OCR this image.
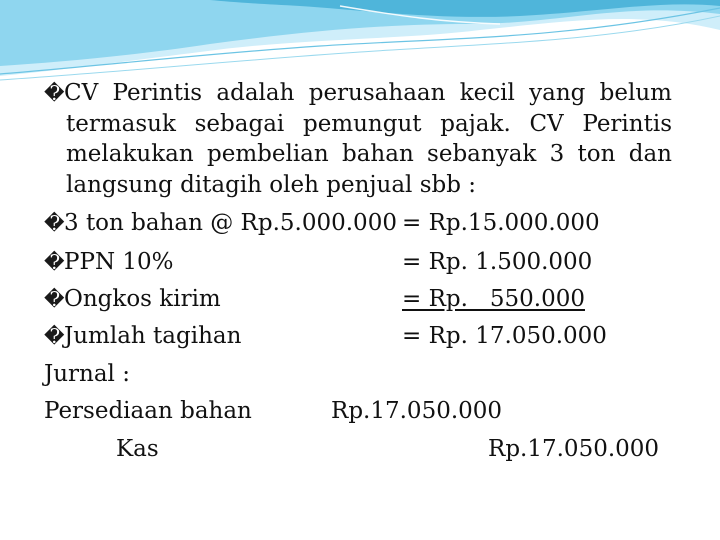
�CV Perintis adalah perusahaan kecil yang belum
termasuk sebagai pemungut pajak. CV Perintis
melakukan pembelian bahan sebanyak 3 ton dan
langsung ditagih oleh penjual sbb :
�3 ton bahan @ Rp.5.000.000 = Rp.15.000.000
�PPN 10%	= Rp. 1.500.000
�Ongkos kirim	= Rp.   550.000
�Jumlah tagihan	= Rp. 17.050.000
Jurnal :
Persediaan bahan	Rp.17.050.000
Kas	Rp.17.050.000
